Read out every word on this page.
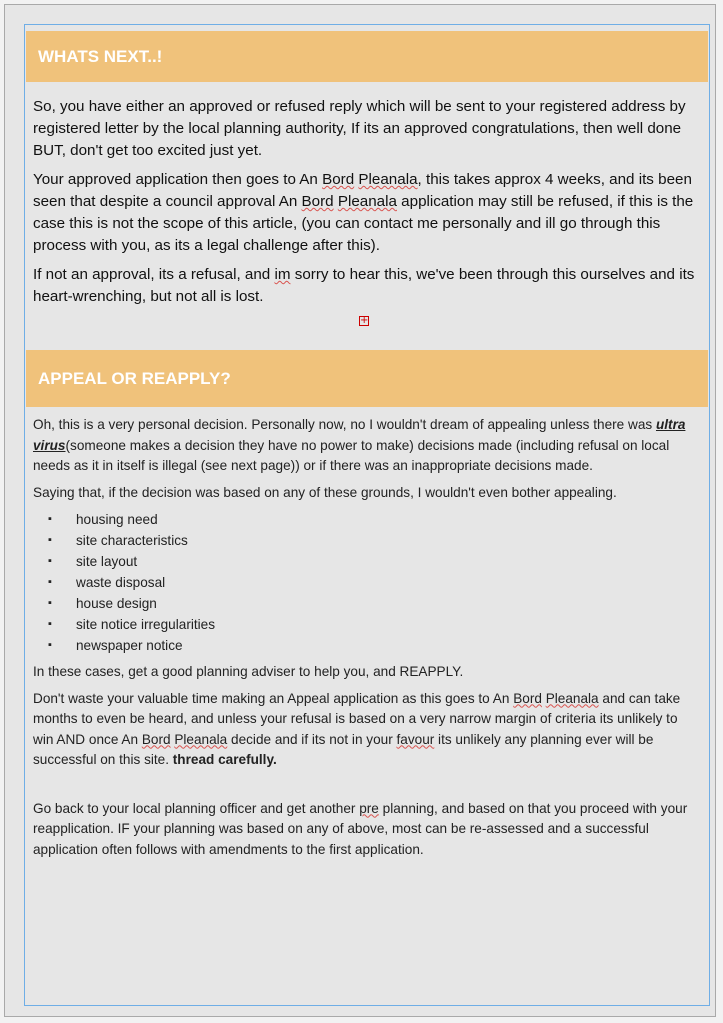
WHATS NEXT..!

So, you have either an approved or refused reply which will be sent to your registered address by registered letter by the local planning authority, If its an approved congratulations, then well done BUT, don't get too excited just yet.

Your approved application then goes to An Bord Pleanala, this takes approx 4 weeks, and its been seen that despite a council approval An Bord Pleanala application may still be refused, if this is the case this is not the scope of this article, (you can contact me personally and ill go through this process with you, as its a legal challenge after this).

If not an approval, its a refusal, and im sorry to hear this, we've been through this ourselves and its heart-wrenching, but not all is lost.

+
APPEAL OR REAPPLY?

Oh, this is a very personal decision. Personally now, no I wouldn't dream of appealing unless there was ultra virus(someone makes a decision they have no power to make) decisions made (including refusal on local needs as it in itself is illegal (see next page)) or if there was an inappropriate decisions made.

Saying that, if the decision was based on any of these grounds, I wouldn't even bother appealing.

▪ housing need
▪ site characteristics
▪ site layout
▪ waste disposal
▪ house design
▪ site notice irregularities
▪ newspaper notice

In these cases, get a good planning adviser to help you, and REAPPLY.

Don't waste your valuable time making an Appeal application as this goes to An Bord Pleanala and can take months to even be heard, and unless your refusal is based on a very narrow margin of criteria its unlikely to win AND once An Bord Pleanala decide and if its not in your favour its unlikely any planning ever will be successful on this site. thread carefully.

Go back to your local planning officer and get another pre planning, and based on that you proceed with your reapplication. IF your planning was based on any of above, most can be re-assessed and a successful application often follows with amendments to the first application.
